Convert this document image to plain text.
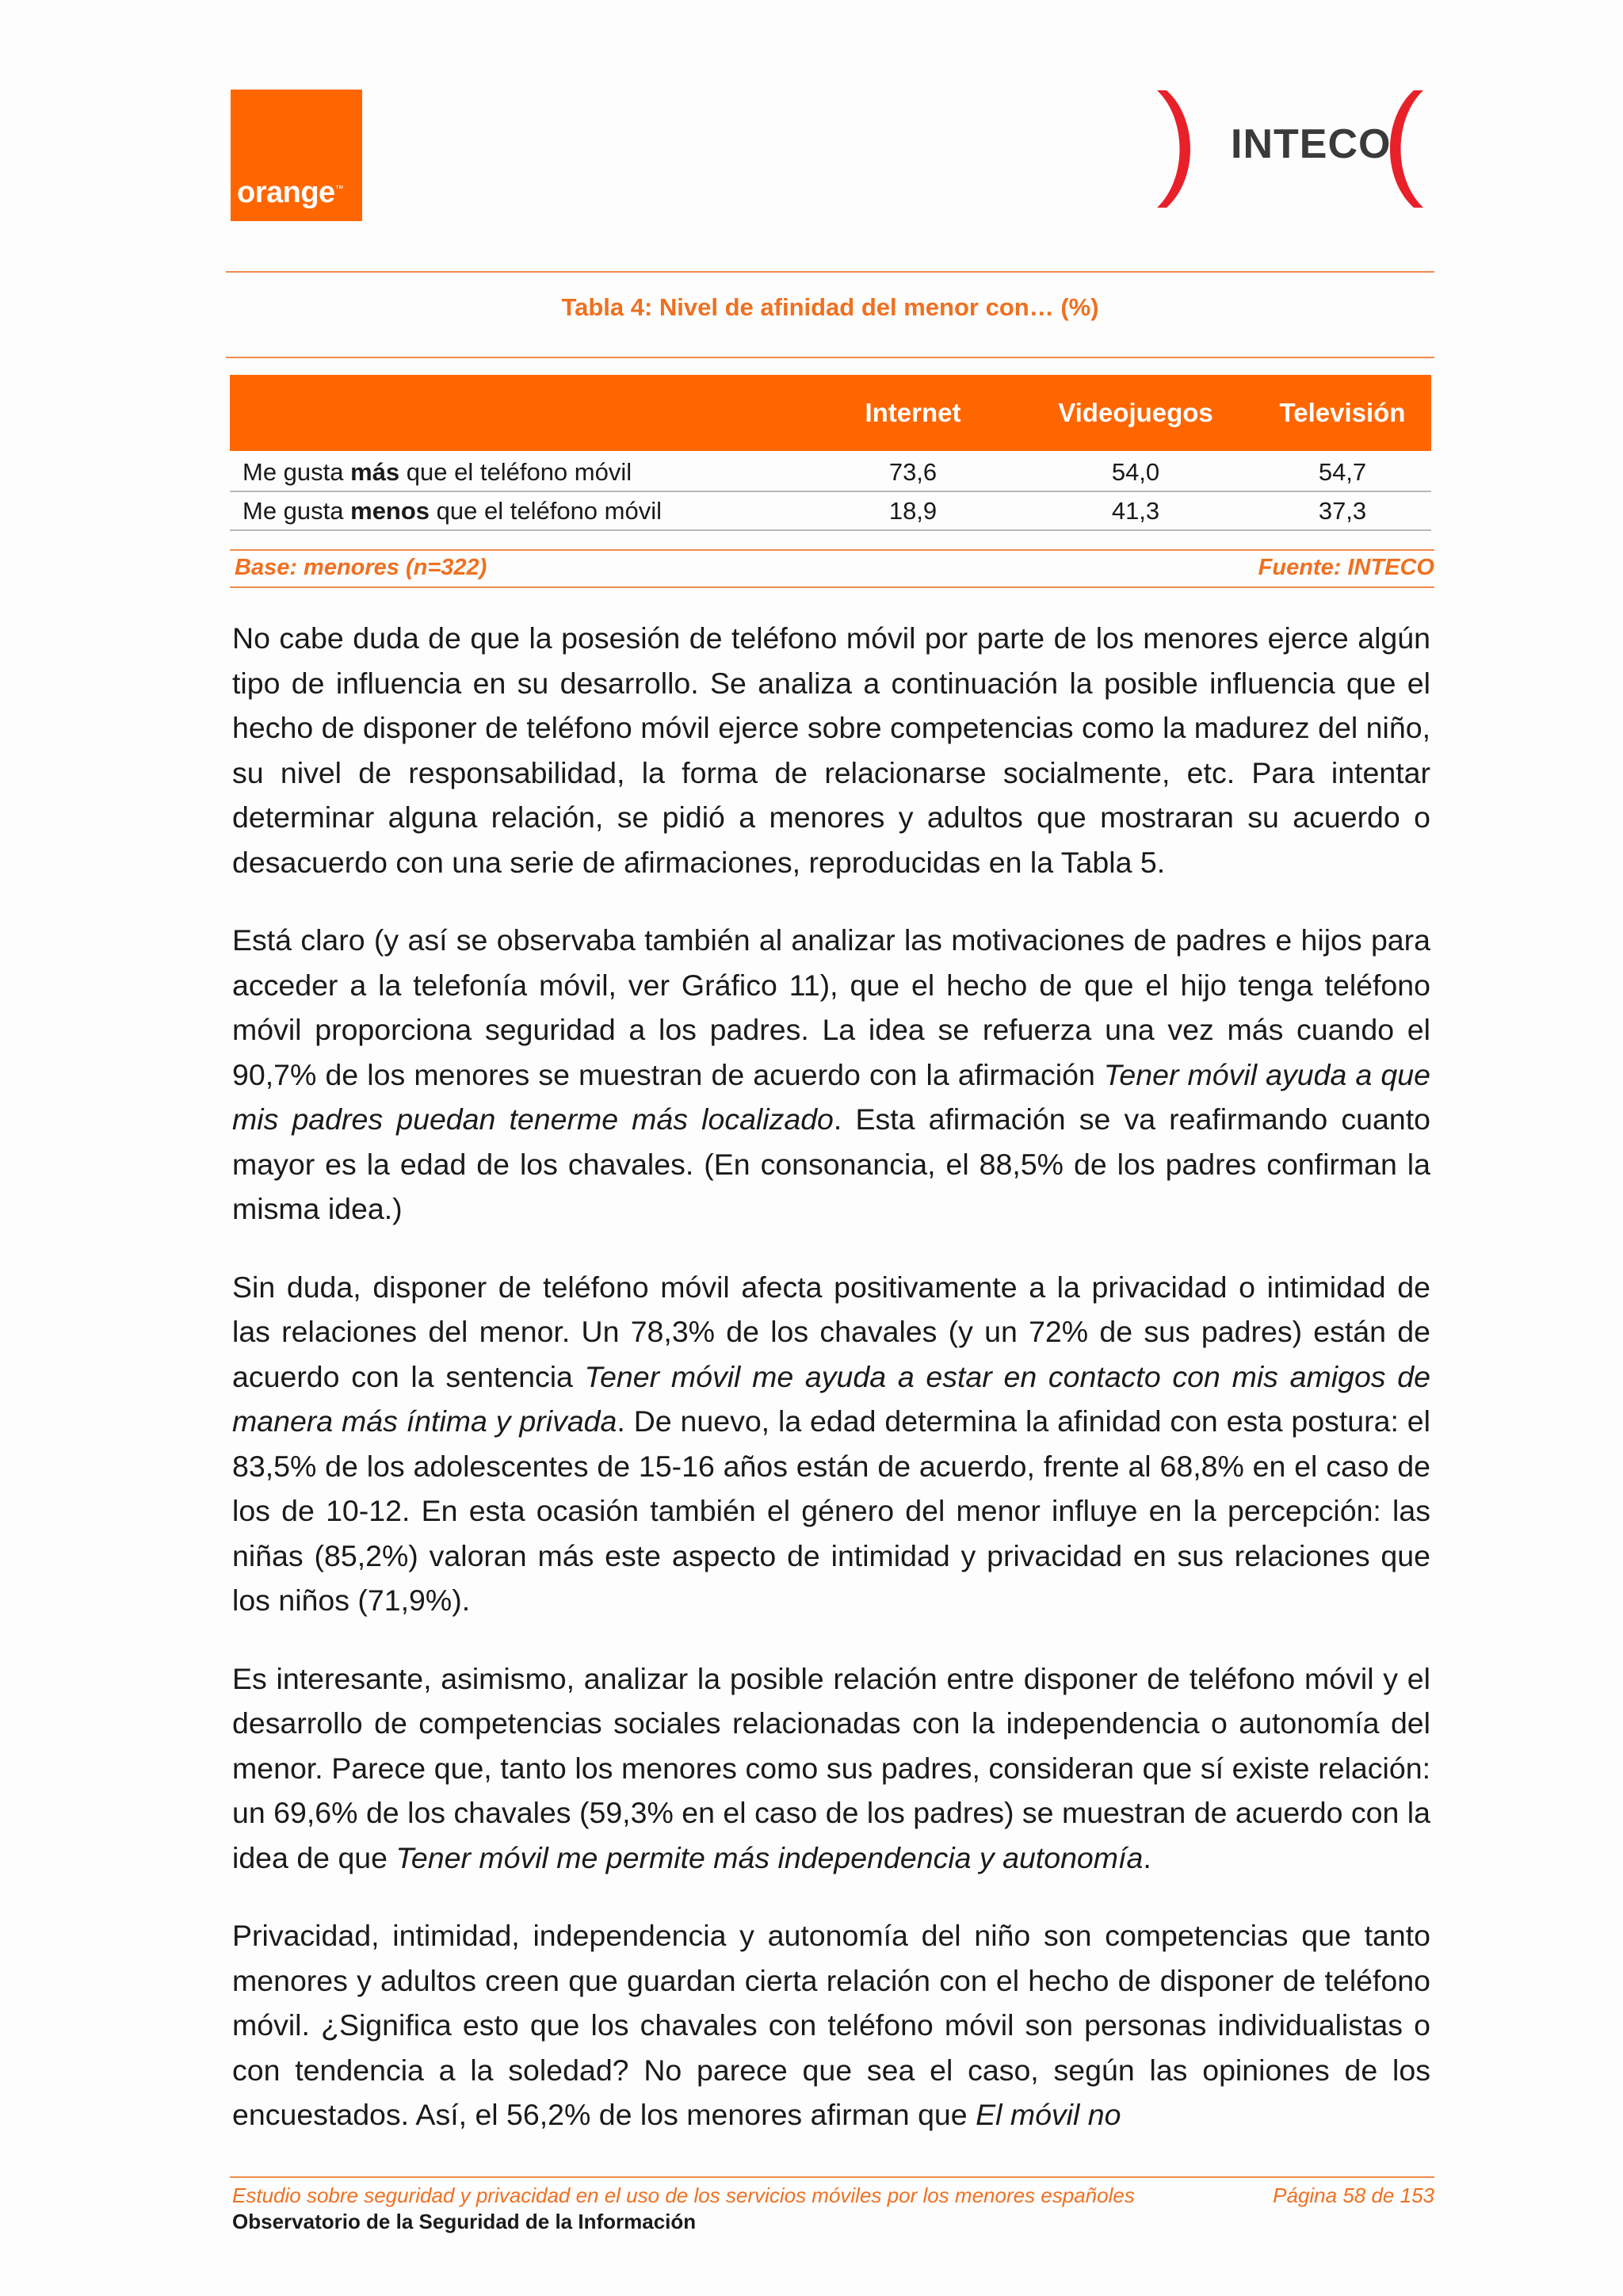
orange™
INTECO
Tabla 4: Nivel de afinidad del menor con… (%)
	Internet	Videojuegos	Televisión
Me gusta más que el teléfono móvil	73,6	54,0	54,7
Me gusta menos que el teléfono móvil	18,9	41,3	37,3
Base: menores (n=322)	Fuente: INTECO

No cabe duda de que la posesión de teléfono móvil por parte de los menores ejerce algún tipo de influencia en su desarrollo. Se analiza a continuación la posible influencia que el hecho de disponer de teléfono móvil ejerce sobre competencias como la madurez del niño, su nivel de responsabilidad, la forma de relacionarse socialmente, etc. Para intentar determinar alguna relación, se pidió a menores y adultos que mostraran su acuerdo o desacuerdo con una serie de afirmaciones, reproducidas en la Tabla 5.

Está claro (y así se observaba también al analizar las motivaciones de padres e hijos para acceder a la telefonía móvil, ver Gráfico 11), que el hecho de que el hijo tenga teléfono móvil proporciona seguridad a los padres. La idea se refuerza una vez más cuando el 90,7% de los menores se muestran de acuerdo con la afirmación Tener móvil ayuda a que mis padres puedan tenerme más localizado. Esta afirmación se va reafirmando cuanto mayor es la edad de los chavales. (En consonancia, el 88,5% de los padres confirman la misma idea.)

Sin duda, disponer de teléfono móvil afecta positivamente a la privacidad o intimidad de las relaciones del menor. Un 78,3% de los chavales (y un 72% de sus padres) están de acuerdo con la sentencia Tener móvil me ayuda a estar en contacto con mis amigos de manera más íntima y privada. De nuevo, la edad determina la afinidad con esta postura: el 83,5% de los adolescentes de 15-16 años están de acuerdo, frente al 68,8% en el caso de los de 10-12. En esta ocasión también el género del menor influye en la percepción: las niñas (85,2%) valoran más este aspecto de intimidad y privacidad en sus relaciones que los niños (71,9%).

Es interesante, asimismo, analizar la posible relación entre disponer de teléfono móvil y el desarrollo de competencias sociales relacionadas con la independencia o autonomía del menor. Parece que, tanto los menores como sus padres, consideran que sí existe relación: un 69,6% de los chavales (59,3% en el caso de los padres) se muestran de acuerdo con la idea de que Tener móvil me permite más independencia y autonomía.

Privacidad, intimidad, independencia y autonomía del niño son competencias que tanto menores y adultos creen que guardan cierta relación con el hecho de disponer de teléfono móvil. ¿Significa esto que los chavales con teléfono móvil son personas individualistas o con tendencia a la soledad? No parece que sea el caso, según las opiniones de los encuestados. Así, el 56,2% de los menores afirman que El móvil no

Estudio sobre seguridad y privacidad en el uso de los servicios móviles por los menores españoles	Página 58 de 153
Observatorio de la Seguridad de la Información
